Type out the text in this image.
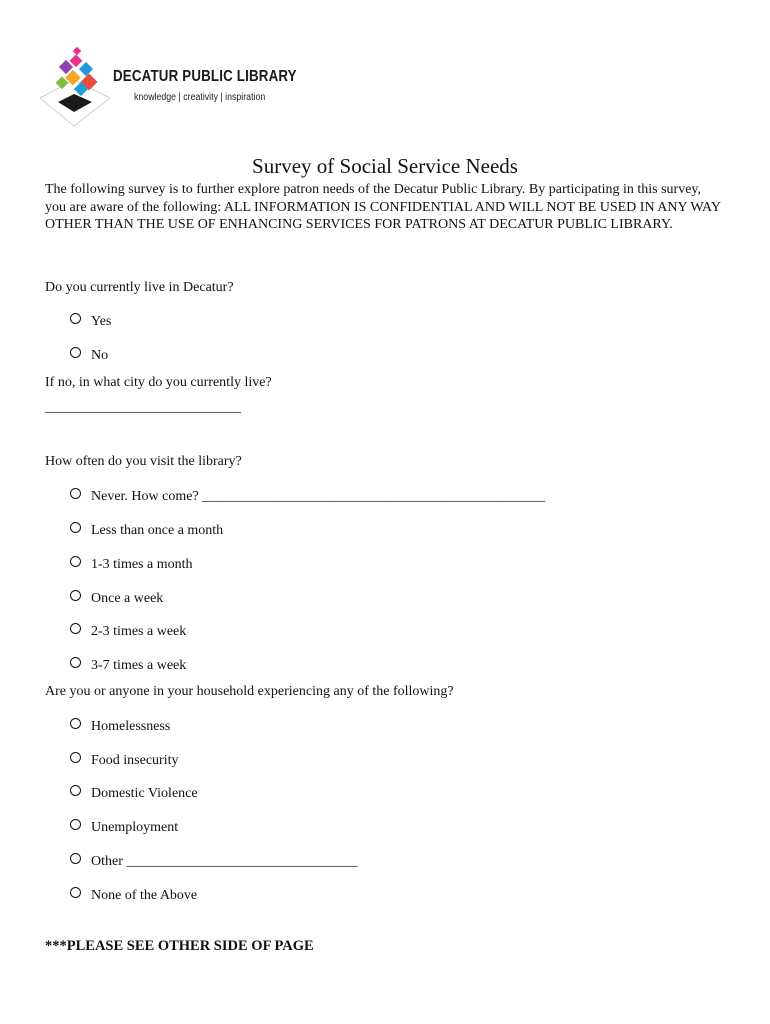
DECATUR PUBLIC LIBRARY
knowledge | creativity | inspiration
Survey of Social Service Needs
The following survey is to further explore patron needs of the Decatur Public Library. By participating in this survey, you are aware of the following: ALL INFORMATION IS CONFIDENTIAL AND WILL NOT BE USED IN ANY WAY OTHER THAN THE USE OF ENHANCING SERVICES FOR PATRONS AT DECATUR PUBLIC LIBRARY.
Do you currently live in Decatur?
Yes
No
If no, in what city do you currently live?
____________________________
How often do you visit the library?
Never. How come? _________________________________________________
Less than once a month
1-3 times a month
Once a week
2-3 times a week
3-7 times a week
Are you or anyone in your household experiencing any of the following?
Homelessness
Food insecurity
Domestic Violence
Unemployment
Other _________________________________
None of the Above
***PLEASE SEE OTHER SIDE OF PAGE
